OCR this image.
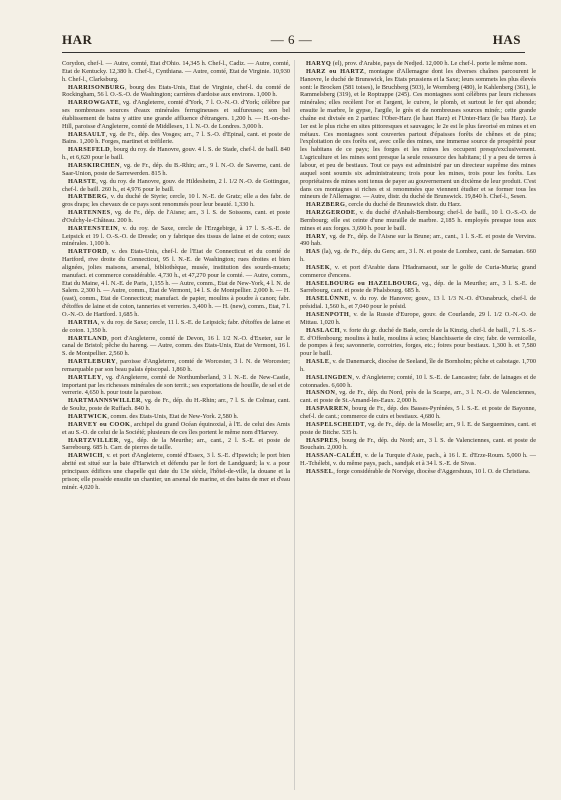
HAR	— 6 —	HAS

Corydon, chef-l. — Autre, comté, Etat d'Ohio. 14,345 h. Chef-l., Cadiz. — Autre, comté, Etat de Kentucky. 12,380 h. Chef-l., Cynthiana. — Autre, comté, Etat de Virginie. 10,930 h. Chef-l., Clarksburg.

HARRISONBURG, bourg des Etats-Unis, Etat de Virginie, chef-l. du comté de Rockingham, 56 l. O.-S.-O. de Washington; carrières d'ardoise aux environs. 1,000 h.

HARROWGATE, vg. d'Angleterre, comté d'York, 7 l. O.-N.-O. d'York; célèbre par ses nombreuses sources d'eaux minérales ferrugineuses et sulfureuses; son bel établissement de bains y attire une grande affluence d'étrangers. 1,200 h. — H.-on-the-Hill, paroisse d'Angleterre, comté de Middlesex, 1 l. N.-O. de Londres. 3,000 h.

HARSAULT, vg. de Fr., dép. des Vosges; arr., 7 l. S.-O. d'Epinal, cant. et poste de Bains. 1,200 h. Forges, martinet et tréfilerie.

HARSEFELD, bourg du roy. de Hanovre, gouv. 4 l. S. de Stade, chef-l. de baill. 840 h., et 6,620 pour le baill.

HARSKIRCHEN, vg. de Fr., dép. du B.-Rhin; arr., 9 l. N.-O. de Saverne, cant. de Saar-Union, poste de Sarrewerden. 815 h.

HARSTE, vg. du roy. de Hanovre, gouv. de Hildesheim, 2 l. 1/2 N.-O. de Gottingue, chef-l. de baill. 260 h., et 4,976 pour le baill.

HARTBERG, v. du duché de Styrie; cercle, 10 l. N.-E. de Gratz; elle a des fabr. de gros draps; les chevaux de ce pays sont renommés pour leur beauté. 1,330 h.

HARTENNES, vg. de Fr., dép. de l'Aisne; arr., 3 l. S. de Soissons, cant. et poste d'Oulchy-le-Château. 200 h.

HARTENSTEIN, v. du roy. de Saxe, cercle de l'Erzgebirge, à 17 l. S.-S.-E. de Leipsick et 19 l. O.-S.-O. de Dresde; on y fabrique des tissus de laine et de coton; eaux minérales. 1,100 h.

HARTFORD, v. des Etats-Unis, chef-l. de l'Etat de Connecticut et du comté de Hartford, rive droite du Connecticut, 95 l. N.-E. de Washington; rues droites et bien alignées, jolies maisons, arsenal, bibliothèque, musée, institution des sourds-muets; manufact. et commerce considérable. 4,730 h., et 47,270 pour le comté. — Autre, comm., Etat du Maine, 4 l. N.-E. de Paris, 1,155 h. — Autre, comm., Etat de New-York, 4 l. N. de Salem. 2,300 h. — Autre, comm., Etat de Vermont, 14 l. S. de Montpellier. 2,000 h. — H. (east), comm., Etat de Connecticut; manufact. de papier, moulins à poudre à canon; fabr. d'étoffes de laine et de coton, tanneries et verreries. 3,400 h. — H. (new), comm., Etat, 7 l. O.-N.-O. de Hartford. 1,685 h.

HARTHA, v. du roy. de Saxe; cercle, 11 l. S.-E. de Leipsick; fabr. d'étoffes de laine et de coton. 1,350 h.

HARTLAND, port d'Angleterre, comté de Devon, 16 l. 1/2 N.-O. d'Exeter, sur le canal de Bristol; pêche du hareng. — Autre, comm. des Etats-Unis, Etat de Vermont, 16 l. S. de Montpellier. 2,560 h.

HARTLEBURY, paroisse d'Angleterre, comté de Worcester, 3 l. N. de Worcester; remarquable par son beau palais épiscopal. 1,860 h.

HARTLEY, vg. d'Angleterre, comté de Northumberland, 3 l. N.-E. de New-Castle, important par les richesses minérales de son territ.; ses exportations de houille, de sel et de verrerie. 4,650 h. pour toute la paroisse.

HARTMANNSWILLER, vg. de Fr., dép. du H.-Rhin; arr., 7 l. S. de Colmar, cant. de Soultz, poste de Ruffach. 840 h.

HARTWICK, comm. des Etats-Unis, Etat de New-York. 2,580 h.

HARVEY ou COOK, archipel du grand Océan équinoxial, à l'E. de celui des Amis et au S.-O. de celui de la Société; plusieurs de ces îles portent le même nom d'Harvey.

HARTZVILLER, vg., dép. de la Meurthe; arr., cant., 2 l. S.-E. et poste de Sarrebourg. 685 h. Carr. de pierres de taille.

HARWICH, v. et port d'Angleterre, comté d'Essex, 3 l. S.-E. d'Ipswich; le port bien abrité est situé sur la baie d'Harwich et défendu par le fort de Landguard; la v. a pour principaux édifices une chapelle qui date du 13e siècle, l'hôtel-de-ville, la douane et la prison; elle possède ensuite un chantier, un arsenal de marine, et des bains de mer et d'eau minér. 4,020 h.

HARYQ (el), prov. d'Arabie, pays de Nedjed. 12,000 h. Le chef-l. porte le même nom.

HARZ ou HARTZ, montagne d'Allemagne dont les diverses chaînes parcourent le Hanovre, le duché de Brunswick, les Etats prussiens et la Saxe; leurs sommets les plus élevés sont: le Brocken (581 toises), le Bruchberg (503), le Wormberg (480), le Kahlenberg (361), le Rammelsberg (319), et le Roptrappe (245). Ces montagnes sont célèbres par leurs richesses minérales; elles recèlent l'or et l'argent, le cuivre, le plomb, et surtout le fer qui abonde; ensuite le marbre, le gypse, l'argile, le grès et de nombreuses sources minér.; cette grande chaîne est divisée en 2 parties: l'Ober-Harz (le haut Harz) et l'Unter-Harz (le bas Harz). Le 1er est le plus riche en sites pittoresques et sauvages; le 2e est le plus favorisé en mines et en métaux. Ces montagnes sont couvertes partout d'épaisses forêts de chênes et de pins; l'exploitation de ces forêts est, avec celle des mines, une immense source de prospérité pour les habitans de ce pays; les forges et les mines les occupent presqu'exclusivement. L'agriculture et les mines sont presque la seule ressource des habitans; il y a peu de terres à labour, et peu de bestiaux. Tout ce pays est administré par un directeur suprême des mines auquel sont soumis six administrateurs; trois pour les mines, trois pour les forêts. Les propriétaires de mines sont tenus de payer au gouvernement un dixième de leur produit. C'est dans ces montagnes si riches et si renommées que viennent étudier et se former tous les mineurs de l'Allemagne. — Autre, distr. du duché de Brunswick. 19,840 h. Chef-l., Sesen.

HARZBERG, cercle du duché de Brunswick distr. du Harz.

HARZGERODE, v. du duché d'Anhalt-Bernbourg; chef-l. de baill., 10 l. O.-S.-O. de Bernbourg; elle est ceinte d'une muraille de marbre. 2,185 h. employés presque tous aux mines et aux forges. 3,690 h. pour le baill.

HARY, vg. de Fr., dép. de l'Aisne sur la Brune; arr., cant., 1 l. S.-E. et poste de Vervins. 490 hab.

HAS (la), vg. de Fr., dép. du Gers; arr., 3 l. N. et poste de Lombez, cant. de Samatan. 660 h.

HASEK, v. et port d'Arabie dans l'Hadramaout, sur le golfe de Curia-Muria; grand commerce d'encens.

HASELBOURG ou HAZELBOURG, vg., dép. de la Meurthe; arr., 3 l. S.-E. de Sarrebourg, cant. et poste de Phalsbourg. 685 h.

HASELÜNNE, v. du roy. de Hanovre; gouv., 13 l. 1/3 N.-O. d'Osnabruck, chef-l. de présidial. 1,560 h., et 7,040 pour le présid.

HASENPOTH, v. de la Russie d'Europe, gouv. de Courlande, 29 l. 1/2 O.-N.-O. de Mittau. 1,020 h.

HASLACH, v. forte du gr. duché de Bade, cercle de la Kinzig, chef-l. de baill., 7 l. S.-S.-E. d'Offenbourg; moulins à huile, moulins à scies; blanchisserie de cire; fabr. de vermicelle, de pompes à feu; savonnerie, corroiries, forges, etc.; foires pour bestiaux. 1,300 h. et 7,580 pour le baill.

HASLE, v. de Danemarck, diocèse de Seeland, île de Bornholm; pêche et cabotage. 1,700 h.

HASLINGDEN, v. d'Angleterre; comté, 10 l. S.-E. de Lancastre; fabr. de lainages et de cotonnades. 6,600 h.

HASNON, vg. de Fr., dép. du Nord, près de la Scarpe, arr., 3 l. N.-O. de Valenciennes, cant. et poste de St.-Amand-les-Eaux. 2,000 h.

HASPARREN, bourg de Fr., dép. des Basses-Pyrénées, 5 l. S.-E. et poste de Bayonne, chef-l. de cant.; commerce de cuirs et bestiaux. 4,680 h.

HASPELSCHEIDT, vg. de Fr., dép. de la Moselle; arr., 9 l. E. de Sarguemines, cant. et poste de Bitche. 535 h.

HASPRES, bourg de Fr., dép. du Nord; arr., 3 l. S. de Valenciennes, cant. et poste de Bouchain. 2,000 h.

HASSAN-CALÉH, v. de la Turquie d'Asie, pach., à 16 l. E. d'Erze-Roum. 5,000 h. — H.-Tchélebi, v. du même pays, pach., sandjak et à 34 l. S.-E. de Sivas.

HASSEL, forge considérable de Norvège, diocèse d'Aggershuus, 10 l. O. de Christiana.
